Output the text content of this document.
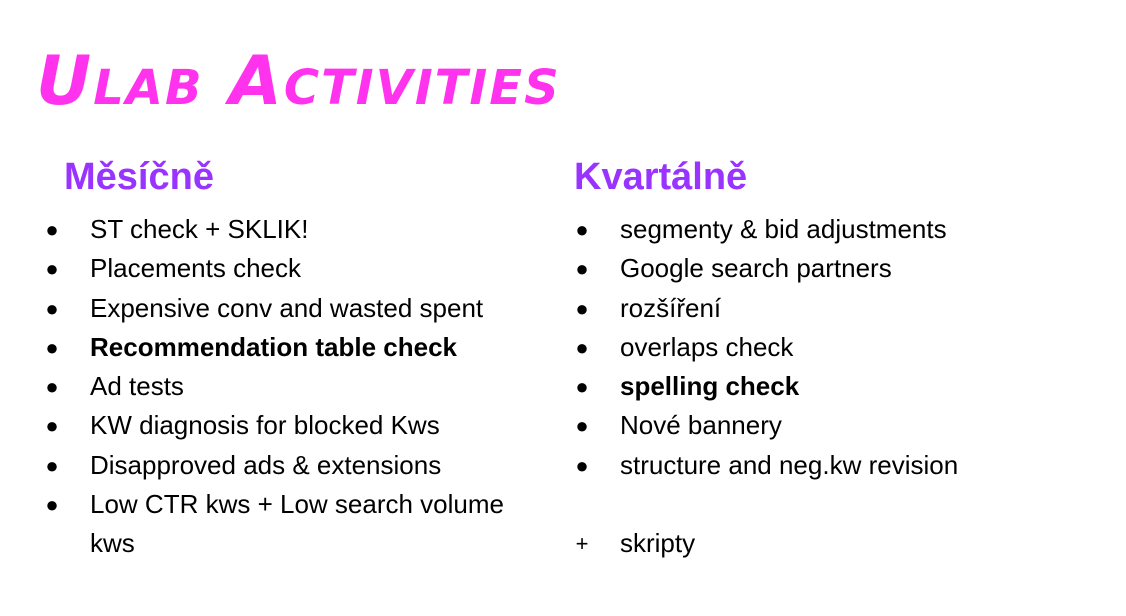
Ulab Activities
Měsíčně
● ST check + SKLIK!
● Placements check
● Expensive conv and wasted spent
● Recommendation table check
● Ad tests
● KW diagnosis for blocked Kws
● Disapproved ads & extensions
● Low CTR kws + Low search volume kws
Kvartálně
● segmenty & bid adjustments
● Google search partners
● rozšíření
● overlaps check
● spelling check
● Nové bannery
● structure and neg.kw revision
+ skripty
